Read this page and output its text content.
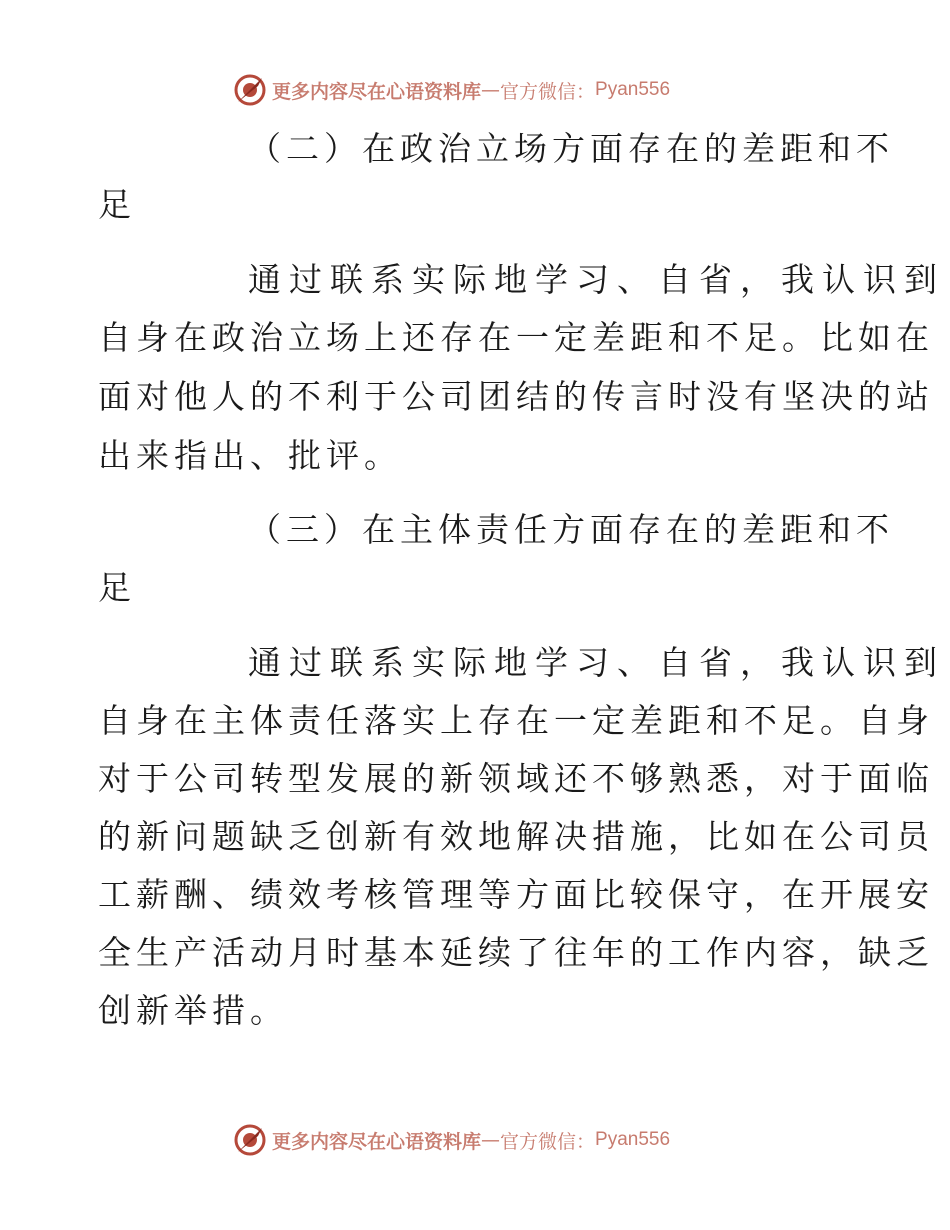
更多内容尽在心语资料库 — 官方微信： Pyan556
（二）在政治立场方面存在的差距和不
足
通过联系实际地学习、自省，我认识到
自身在政治立场上还存在一定差距和不足。比如在
面对他人的不利于公司团结的传言时没有坚决的站
出来指出、批评。
（三）在主体责任方面存在的差距和不
足
通过联系实际地学习、自省，我认识到
自身在主体责任落实上存在一定差距和不足。自身
对于公司转型发展的新领域还不够熟悉，对于面临
的新问题缺乏创新有效地解决措施，比如在公司员
工薪酬、绩效考核管理等方面比较保守，在开展安
全生产活动月时基本延续了往年的工作内容，缺乏
创新举措。
更多内容尽在心语资料库 — 官方微信： Pyan556
